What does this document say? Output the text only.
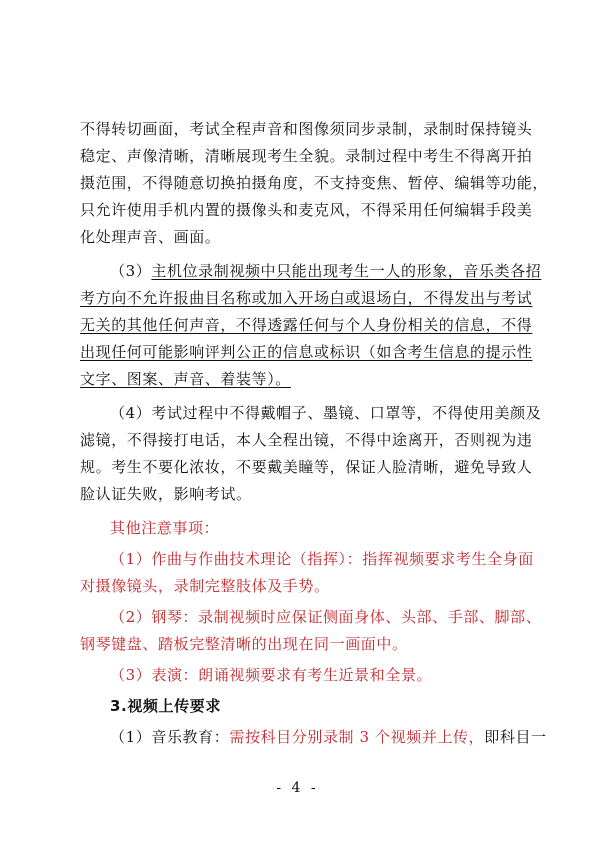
不得转切画面，考试全程声音和图像须同步录制，录制时保持镜头
稳定、声像清晰，清晰展现考生全貌。录制过程中考生不得离开拍
摄范围，不得随意切换拍摄角度，不支持变焦、暂停、编辑等功能，
只允许使用手机内置的摄像头和麦克风，不得采用任何编辑手段美
化处理声音、画面。
（3）主机位录制视频中只能出现考生一人的形象，音乐类各招
考方向不允许报曲目名称或加入开场白或退场白，不得发出与考试
无关的其他任何声音，不得透露任何与个人身份相关的信息，不得
出现任何可能影响评判公正的信息或标识（如含考生信息的提示性
文字、图案、声音、着装等）。
（4）考试过程中不得戴帽子、墨镜、口罩等，不得使用美颜及
滤镜，不得接打电话，本人全程出镜，不得中途离开，否则视为违
规。考生不要化浓妆，不要戴美瞳等，保证人脸清晰，避免导致人
脸认证失败，影响考试。
其他注意事项：
（1）作曲与作曲技术理论（指挥）：指挥视频要求考生全身面
对摄像镜头，录制完整肢体及手势。
（2）钢琴：录制视频时应保证侧面身体、头部、手部、脚部、
钢琴键盘、踏板完整清晰的出现在同一画面中。
（3）表演：朗诵视频要求有考生近景和全景。
3.视频上传要求
（1）音乐教育：需按科目分别录制 3 个视频并上传，即科目一
- 4 -
